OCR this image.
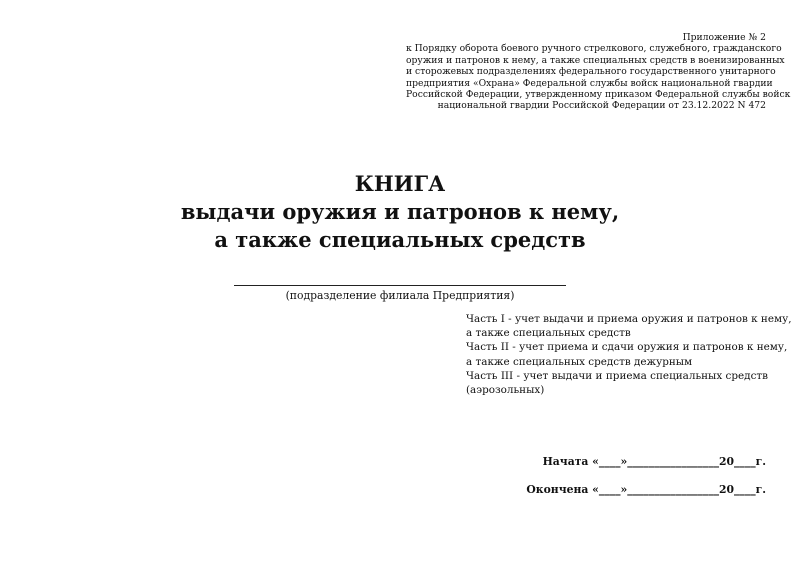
Приложение № 2
к Порядку оборота боевого ручного стрелкового, служебного, гражданского
оружия и патронов к нему, а также специальных средств в военизированных
и сторожевых подразделениях федерального государственного унитарного
предприятия «Охрана» Федеральной службы войск национальной гвардии
Российской Федерации, утвержденному приказом Федеральной службы войск
национальной гвардии Российской Федерации от 23.12.2022 N 472
КНИГА
выдачи оружия и патронов к нему,
а также специальных средств
(подразделение филиала Предприятия)
Часть I - учет выдачи и приема оружия и патронов к нему,
а также специальных средств
Часть II - учет приема и сдачи оружия и патронов к нему,
а также специальных средств дежурным
Часть III - учет выдачи и приема специальных средств
(аэрозольных)
Начата «____»_________________20____г.
Окончена «____»_________________20____г.
